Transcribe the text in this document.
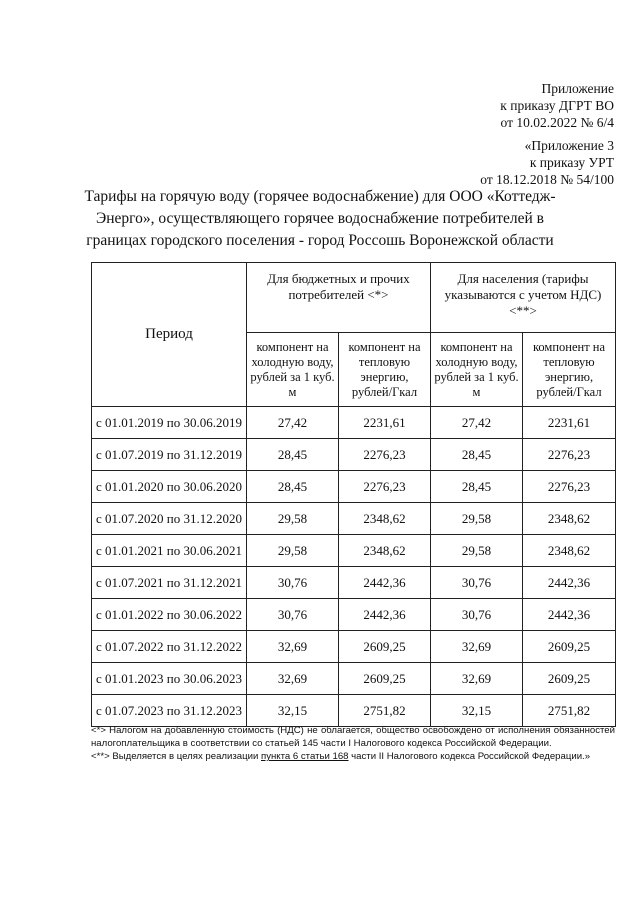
Приложение
к приказу ДГРТ ВО
от 10.02.2022 № 6/4
«Приложение 3
к приказу УРТ
от 18.12.2018 № 54/100
Тарифы на горячую воду (горячее водоснабжение) для ООО «Коттедж-Энерго», осуществляющего горячее водоснабжение потребителей в границах городского поселения - город Россошь Воронежской области
Период	Для бюджетных и прочих потребителей <*>		Для населения (тарифы указываются с учетом НДС) <**>	
	компонент на холодную воду, рублей за 1 куб. м	компонент на тепловую энергию, рублей/Гкал	компонент на холодную воду, рублей за 1 куб. м	компонент на тепловую энергию, рублей/Гкал
с 01.01.2019 по 30.06.2019	27,42	2231,61	27,42	2231,61
с 01.07.2019 по 31.12.2019	28,45	2276,23	28,45	2276,23
с 01.01.2020 по 30.06.2020	28,45	2276,23	28,45	2276,23
с 01.07.2020 по 31.12.2020	29,58	2348,62	29,58	2348,62
с 01.01.2021 по 30.06.2021	29,58	2348,62	29,58	2348,62
с 01.07.2021 по 31.12.2021	30,76	2442,36	30,76	2442,36
с 01.01.2022 по 30.06.2022	30,76	2442,36	30,76	2442,36
с 01.07.2022 по 31.12.2022	32,69	2609,25	32,69	2609,25
с 01.01.2023 по 30.06.2023	32,69	2609,25	32,69	2609,25
с 01.07.2023 по 31.12.2023	32,15	2751,82	32,15	2751,82

<*> Налогом на добавленную стоимость (НДС) не облагается, общество освобождено от исполнения обязанностей налогоплательщика в соответствии со статьей 145 части I Налогового кодекса Российской Федерации.

<**> Выделяется в целях реализации пункта 6 статьи 168 части II Налогового кодекса Российской Федерации.»
